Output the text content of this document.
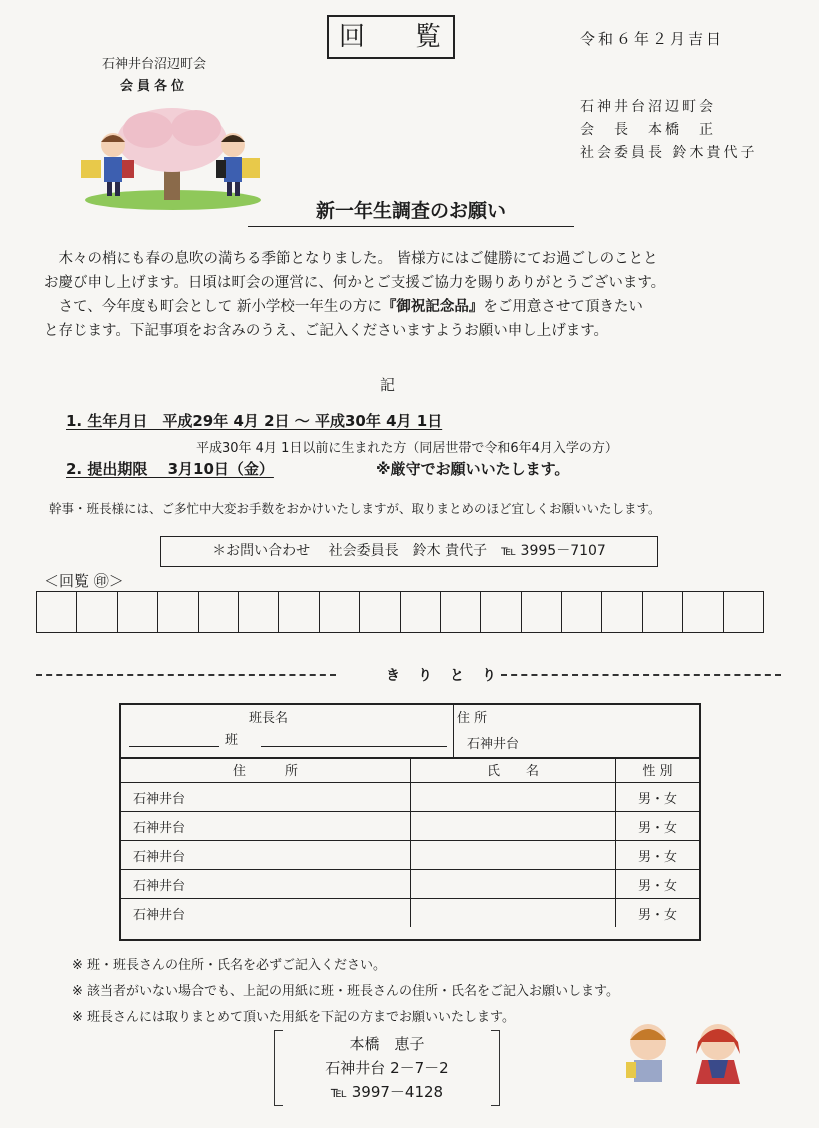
回　覧	令和６年２月吉日
石神井台沼辺町会
会員各位
石神井台沼辺町会
会　長　本橋　正
社会委員長 鈴木貴代子
新一年生調査のお願い

　木々の梢にも春の息吹の満ちる季節となりました。 皆様方にはご健勝にてお過ごしのことと

お慶び申し上げます。日頃は町会の運営に、何かとご支援ご協力を賜りありがとうございます。

　さて、今年度も町会として 新小学校一年生の方に『御祝記念品』をご用意させて頂きたい

と存じます。下記事項をお含みのうえ、ご記入くださいますようお願い申し上げます。

記
1. 生年月日　平成29年 4月 2日 ～ 平成30年 4月 1日
平成30年 4月 1日以前に生まれた方（同居世帯で令和6年4月入学の方）
2. 提出期限　 3月10日（金）	※厳守でお願いいたします。
幹事・班長様には、ご多忙中大変お手数をおかけいたしますが、取りまとめのほど宜しくお願いいたします。
＊お問い合わせ　 社会委員長　鈴木 貴代子　℡ 3995－7107
＜回覧 ㊞＞
きりとり
班長名
班
住 所
石神井台
住　　　所	氏　　名	性 別
石神井台		男・女
石神井台		男・女
石神井台		男・女
石神井台		男・女
石神井台		男・女

※ 班・班長さんの住所・氏名を必ずご記入ください。

※ 該当者がいない場合でも、上記の用紙に班・班長さんの住所・氏名をご記入お願いします。

※ 班長さんには取りまとめて頂いた用紙を下記の方までお願いいたします。

本橋　恵子
石神井台 2－7－2
℡ 3997－4128
